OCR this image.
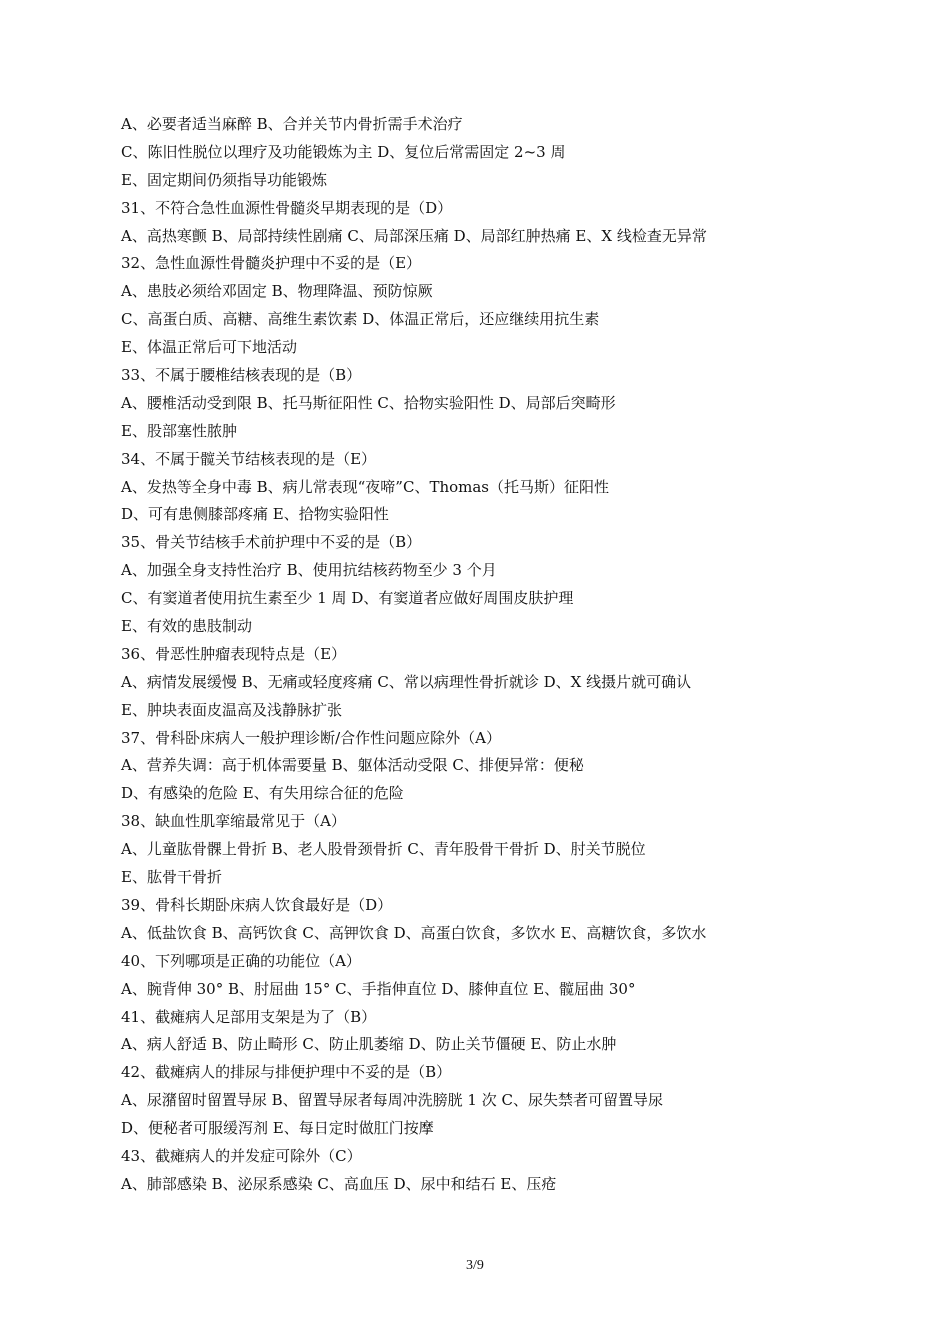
A、必要者适当麻醉 B、合并关节内骨折需手术治疗
C、陈旧性脱位以理疗及功能锻炼为主 D、复位后常需固定 2~3 周
E、固定期间仍须指导功能锻炼
31、不符合急性血源性骨髓炎早期表现的是（D）
A、高热寒颤 B、局部持续性剧痛 C、局部深压痛 D、局部红肿热痛 E、X 线检查无异常
32、急性血源性骨髓炎护理中不妥的是（E）
A、患肢必须给邓固定 B、物理降温、预防惊厥
C、高蛋白质、高糖、高维生素饮素 D、体温正常后，还应继续用抗生素
E、体温正常后可下地活动
33、不属于腰椎结核表现的是（B）
A、腰椎活动受到限 B、托马斯征阳性 C、拾物实验阳性 D、局部后突畸形
E、股部塞性脓肿
34、不属于髋关节结核表现的是（E）
A、发热等全身中毒 B、病儿常表现“夜啼”C、Thomas（托马斯）征阳性
D、可有患侧膝部疼痛 E、拾物实验阳性
35、骨关节结核手术前护理中不妥的是（B）
A、加强全身支持性治疗 B、使用抗结核药物至少 3 个月
C、有窦道者使用抗生素至少 1 周 D、有窦道者应做好周围皮肤护理
E、有效的患肢制动
36、骨恶性肿瘤表现特点是（E）
A、病情发展缓慢 B、无痛或轻度疼痛 C、常以病理性骨折就诊 D、X 线摄片就可确认
E、肿块表面皮温高及浅静脉扩张
37、骨科卧床病人一般护理诊断/合作性问题应除外（A）
A、营养失调：高于机体需要量 B、躯体活动受限 C、排便异常：便秘
D、有感染的危险 E、有失用综合征的危险
38、缺血性肌挛缩最常见于（A）
A、儿童肱骨髁上骨折 B、老人股骨颈骨折 C、青年股骨干骨折 D、肘关节脱位
E、肱骨干骨折
39、骨科长期卧床病人饮食最好是（D）
A、低盐饮食 B、高钙饮食 C、高钾饮食 D、高蛋白饮食，多饮水 E、高糖饮食，多饮水
40、下列哪项是正确的功能位（A）
A、腕背伸 30° B、肘屈曲 15° C、手指伸直位 D、膝伸直位 E、髋屈曲 30°
41、截瘫病人足部用支架是为了（B）
A、病人舒适 B、防止畸形 C、防止肌萎缩 D、防止关节僵硬 E、防止水肿
42、截瘫病人的排尿与排便护理中不妥的是（B）
A、尿潴留时留置导尿 B、留置导尿者每周冲洗膀胱 1 次 C、尿失禁者可留置导尿
D、便秘者可服缓泻剂 E、每日定时做肛门按摩
43、截瘫病人的并发症可除外（C）
A、肺部感染 B、泌尿系感染 C、高血压 D、尿中和结石 E、压疮
3/9
